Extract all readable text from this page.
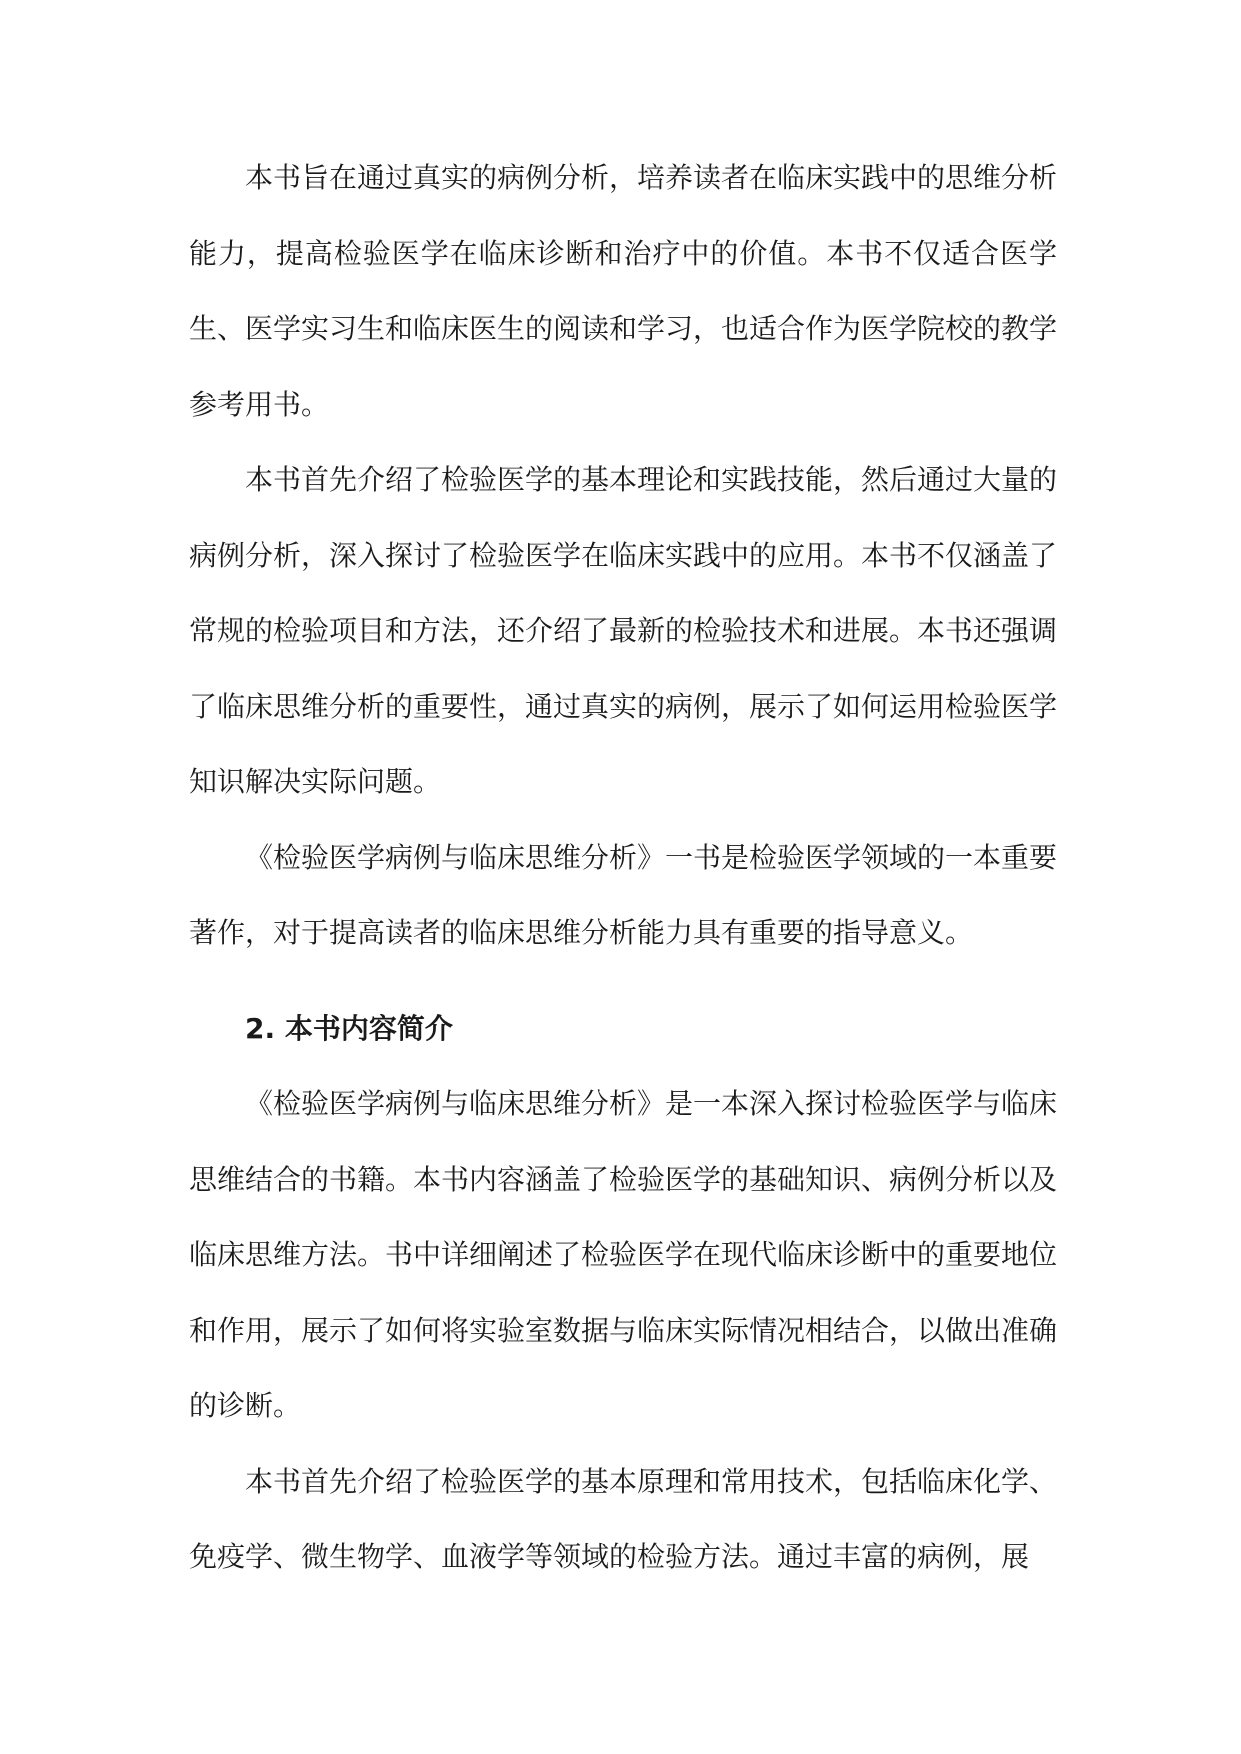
本书旨在通过真实的病例分析，培养读者在临床实践中的思维分析能力，提高检验医学在临床诊断和治疗中的价值。本书不仅适合医学生、医学实习生和临床医生的阅读和学习，也适合作为医学院校的教学参考用书。

本书首先介绍了检验医学的基本理论和实践技能，然后通过大量的病例分析，深入探讨了检验医学在临床实践中的应用。本书不仅涵盖了常规的检验项目和方法，还介绍了最新的检验技术和进展。本书还强调了临床思维分析的重要性，通过真实的病例，展示了如何运用检验医学知识解决实际问题。

《检验医学病例与临床思维分析》一书是检验医学领域的一本重要著作，对于提高读者的临床思维分析能力具有重要的指导意义。

2. 本书内容简介

《检验医学病例与临床思维分析》是一本深入探讨检验医学与临床思维结合的书籍。本书内容涵盖了检验医学的基础知识、病例分析以及临床思维方法。书中详细阐述了检验医学在现代临床诊断中的重要地位和作用，展示了如何将实验室数据与临床实际情况相结合，以做出准确的诊断。

本书首先介绍了检验医学的基本原理和常用技术，包括临床化学、免疫学、微生物学、血液学等领域的检验方法。通过丰富的病例，展
